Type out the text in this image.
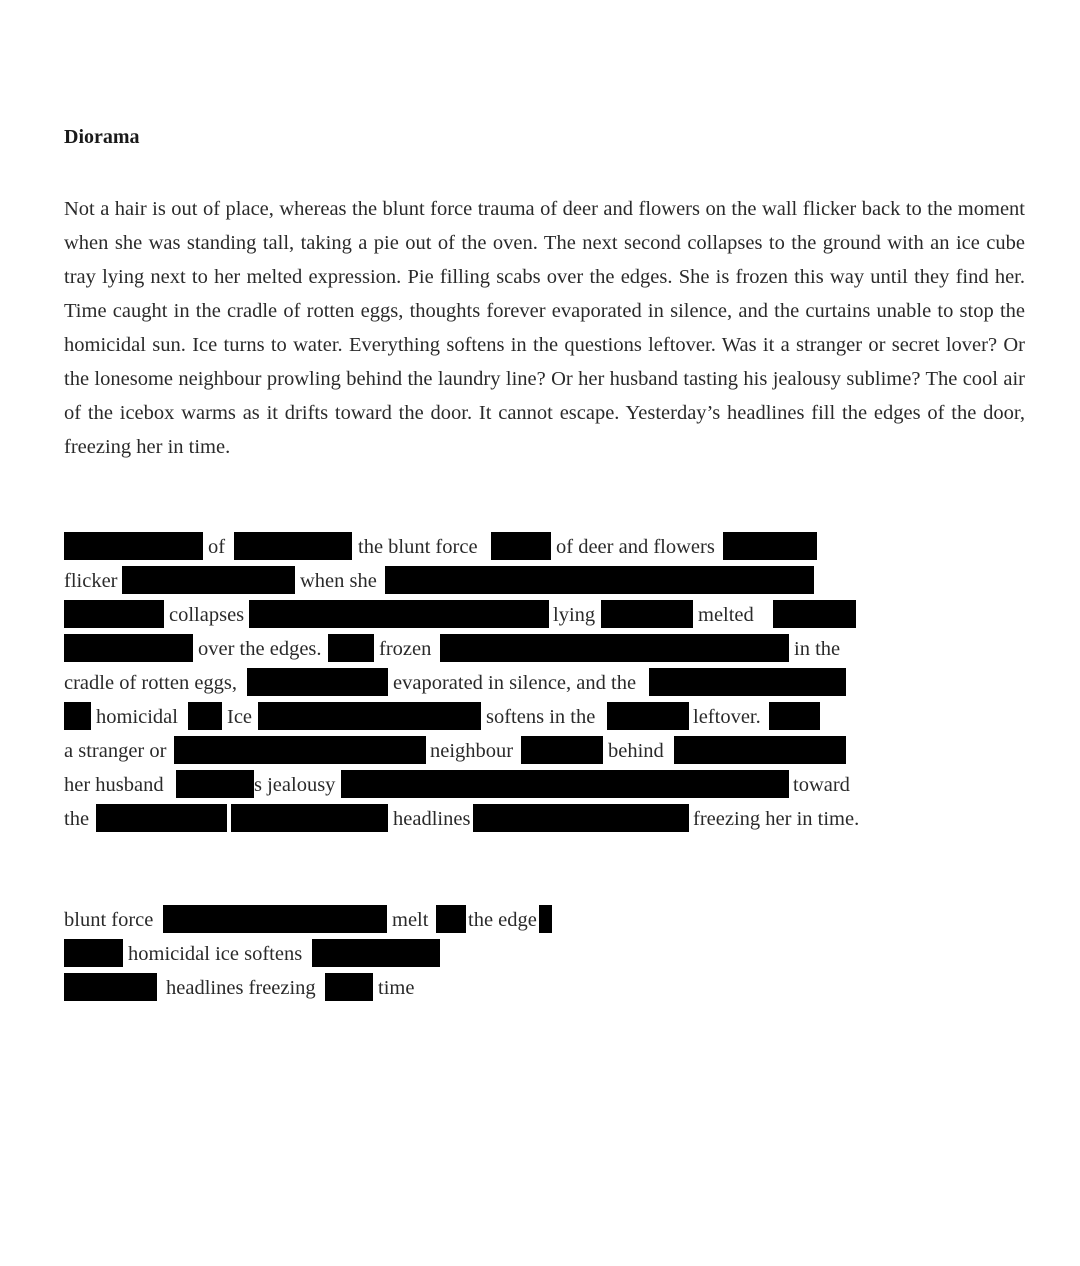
Diorama

Not a hair is out of place, whereas the blunt force trauma of deer and flowers on the wall flicker back to the moment when she was standing tall, taking a pie out of the oven. The next second collapses to the ground with an ice cube tray lying next to her melted expression. Pie filling scabs over the edges. She is frozen this way until they find her. Time caught in the cradle of rotten eggs, thoughts forever evaporated in silence, and the curtains unable to stop the homicidal sun. Ice turns to water. Everything softens in the questions leftover. Was it a stranger or secret lover? Or the lonesome neighbour prowling behind the laundry line? Or her husband tasting his jealousy sublime? The cool air of the icebox warms as it drifts toward the door. It cannot escape. Yesterday’s headlines fill the edges of the door, freezing her in time.

of	the blunt force	of deer and flowers
flicker	when she
collapses	lying	melted
over the edges.	frozen	in the
cradle of rotten eggs,	evaporated in silence, and the
homicidal Ice	softens in the	leftover.
a stranger or	neighbour	behind
her husband	s jealousy	toward
the	headlines	freezing her in time.
blunt force	melt the edge
homicidal ice softens
headlines freezing	time
